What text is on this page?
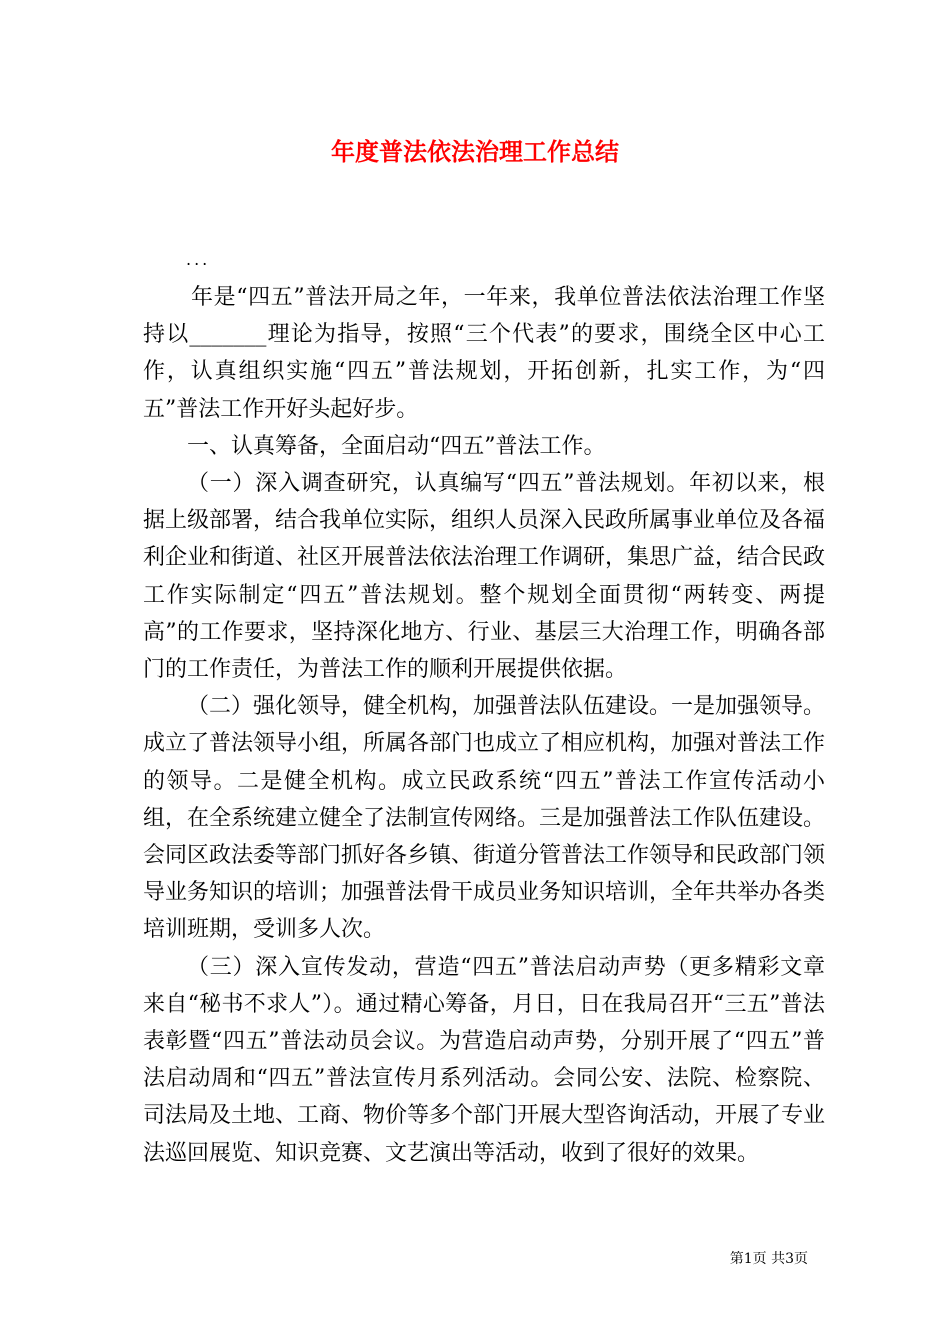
年度普法依法治理工作总结

...

年是“四五”普法开局之年，一年来，我单位普法依法治理工作坚持以_______理论为指导，按照“三个代表”的要求，围绕全区中心工作，认真组织实施“四五”普法规划，开拓创新，扎实工作，为“四五”普法工作开好头起好步。

一、认真筹备，全面启动“四五”普法工作。

（一）深入调查研究，认真编写“四五”普法规划。年初以来，根据上级部署，结合我单位实际，组织人员深入民政所属事业单位及各福利企业和街道、社区开展普法依法治理工作调研，集思广益，结合民政工作实际制定“四五”普法规划。整个规划全面贯彻“两转变、两提高”的工作要求，坚持深化地方、行业、基层三大治理工作，明确各部门的工作责任，为普法工作的顺利开展提供依据。

（二）强化领导，健全机构，加强普法队伍建设。一是加强领导。成立了普法领导小组，所属各部门也成立了相应机构，加强对普法工作的领导。二是健全机构。成立民政系统“四五”普法工作宣传活动小组，在全系统建立健全了法制宣传网络。三是加强普法工作队伍建设。会同区政法委等部门抓好各乡镇、街道分管普法工作领导和民政部门领导业务知识的培训；加强普法骨干成员业务知识培训，全年共举办各类培训班期，受训多人次。

（三）深入宣传发动，营造“四五”普法启动声势（更多精彩文章来自“秘书不求人”）。通过精心筹备，月日，日在我局召开“三五”普法表彰暨“四五”普法动员会议。为营造启动声势，分别开展了“四五”普法启动周和“四五”普法宣传月系列活动。会同公安、法院、检察院、司法局及土地、工商、物价等多个部门开展大型咨询活动，开展了专业法巡回展览、知识竞赛、文艺演出等活动，收到了很好的效果。

第1页 共3页
